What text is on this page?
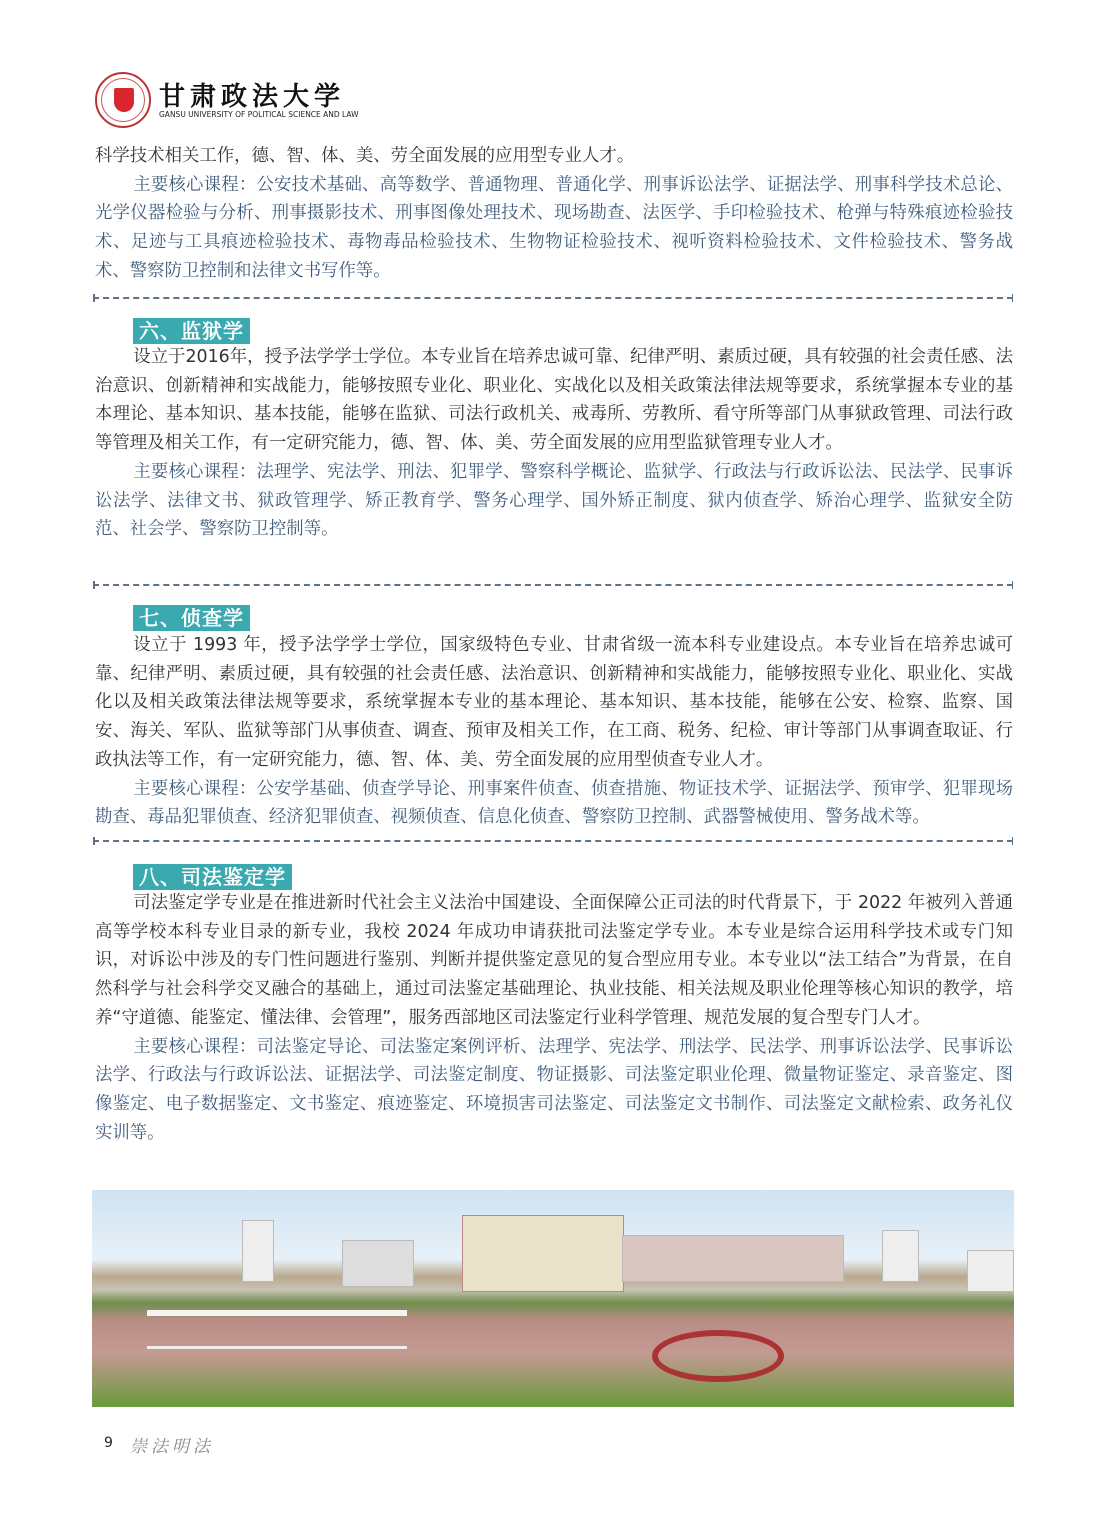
甘肃政法大学
GANSU UNIVERSITY OF POLITICAL SCIENCE AND LAW

科学技术相关工作，德、智、体、美、劳全面发展的应用型专业人才。

主要核心课程：公安技术基础、高等数学、普通物理、普通化学、刑事诉讼法学、证据法学、刑事科学技术总论、光学仪器检验与分析、刑事摄影技术、刑事图像处理技术、现场勘查、法医学、手印检验技术、枪弹与特殊痕迹检验技术、足迹与工具痕迹检验技术、毒物毒品检验技术、生物物证检验技术、视听资料检验技术、文件检验技术、警务战术、警察防卫控制和法律文书写作等。

六、监狱学

设立于2016年，授予法学学士学位。本专业旨在培养忠诚可靠、纪律严明、素质过硬，具有较强的社会责任感、法治意识、创新精神和实战能力，能够按照专业化、职业化、实战化以及相关政策法律法规等要求，系统掌握本专业的基本理论、基本知识、基本技能，能够在监狱、司法行政机关、戒毒所、劳教所、看守所等部门从事狱政管理、司法行政等管理及相关工作，有一定研究能力，德、智、体、美、劳全面发展的应用型监狱管理专业人才。

主要核心课程：法理学、宪法学、刑法、犯罪学、警察科学概论、监狱学、行政法与行政诉讼法、民法学、民事诉讼法学、法律文书、狱政管理学、矫正教育学、警务心理学、国外矫正制度、狱内侦查学、矫治心理学、监狱安全防范、社会学、警察防卫控制等。

七、侦查学

设立于 1993 年，授予法学学士学位，国家级特色专业、甘肃省级一流本科专业建设点。本专业旨在培养忠诚可靠、纪律严明、素质过硬，具有较强的社会责任感、法治意识、创新精神和实战能力，能够按照专业化、职业化、实战化以及相关政策法律法规等要求，系统掌握本专业的基本理论、基本知识、基本技能，能够在公安、检察、监察、国安、海关、军队、监狱等部门从事侦查、调查、预审及相关工作，在工商、税务、纪检、审计等部门从事调查取证、行政执法等工作，有一定研究能力，德、智、体、美、劳全面发展的应用型侦查专业人才。

主要核心课程：公安学基础、侦查学导论、刑事案件侦查、侦查措施、物证技术学、证据法学、预审学、犯罪现场勘查、毒品犯罪侦查、经济犯罪侦查、视频侦查、信息化侦查、警察防卫控制、武器警械使用、警务战术等。

八、司法鉴定学

司法鉴定学专业是在推进新时代社会主义法治中国建设、全面保障公正司法的时代背景下，于 2022 年被列入普通高等学校本科专业目录的新专业，我校 2024 年成功申请获批司法鉴定学专业。本专业是综合运用科学技术或专门知识，对诉讼中涉及的专门性问题进行鉴别、判断并提供鉴定意见的复合型应用专业。本专业以“法工结合”为背景，在自然科学与社会科学交叉融合的基础上，通过司法鉴定基础理论、执业技能、相关法规及职业伦理等核心知识的教学，培养“守道德、能鉴定、懂法律、会管理”，服务西部地区司法鉴定行业科学管理、规范发展的复合型专门人才。

主要核心课程：司法鉴定导论、司法鉴定案例评析、法理学、宪法学、刑法学、民法学、刑事诉讼法学、民事诉讼法学、行政法与行政诉讼法、证据法学、司法鉴定制度、物证摄影、司法鉴定职业伦理、微量物证鉴定、录音鉴定、图像鉴定、电子数据鉴定、文书鉴定、痕迹鉴定、环境损害司法鉴定、司法鉴定文书制作、司法鉴定文献检索、政务礼仪实训等。

9 崇法明法
